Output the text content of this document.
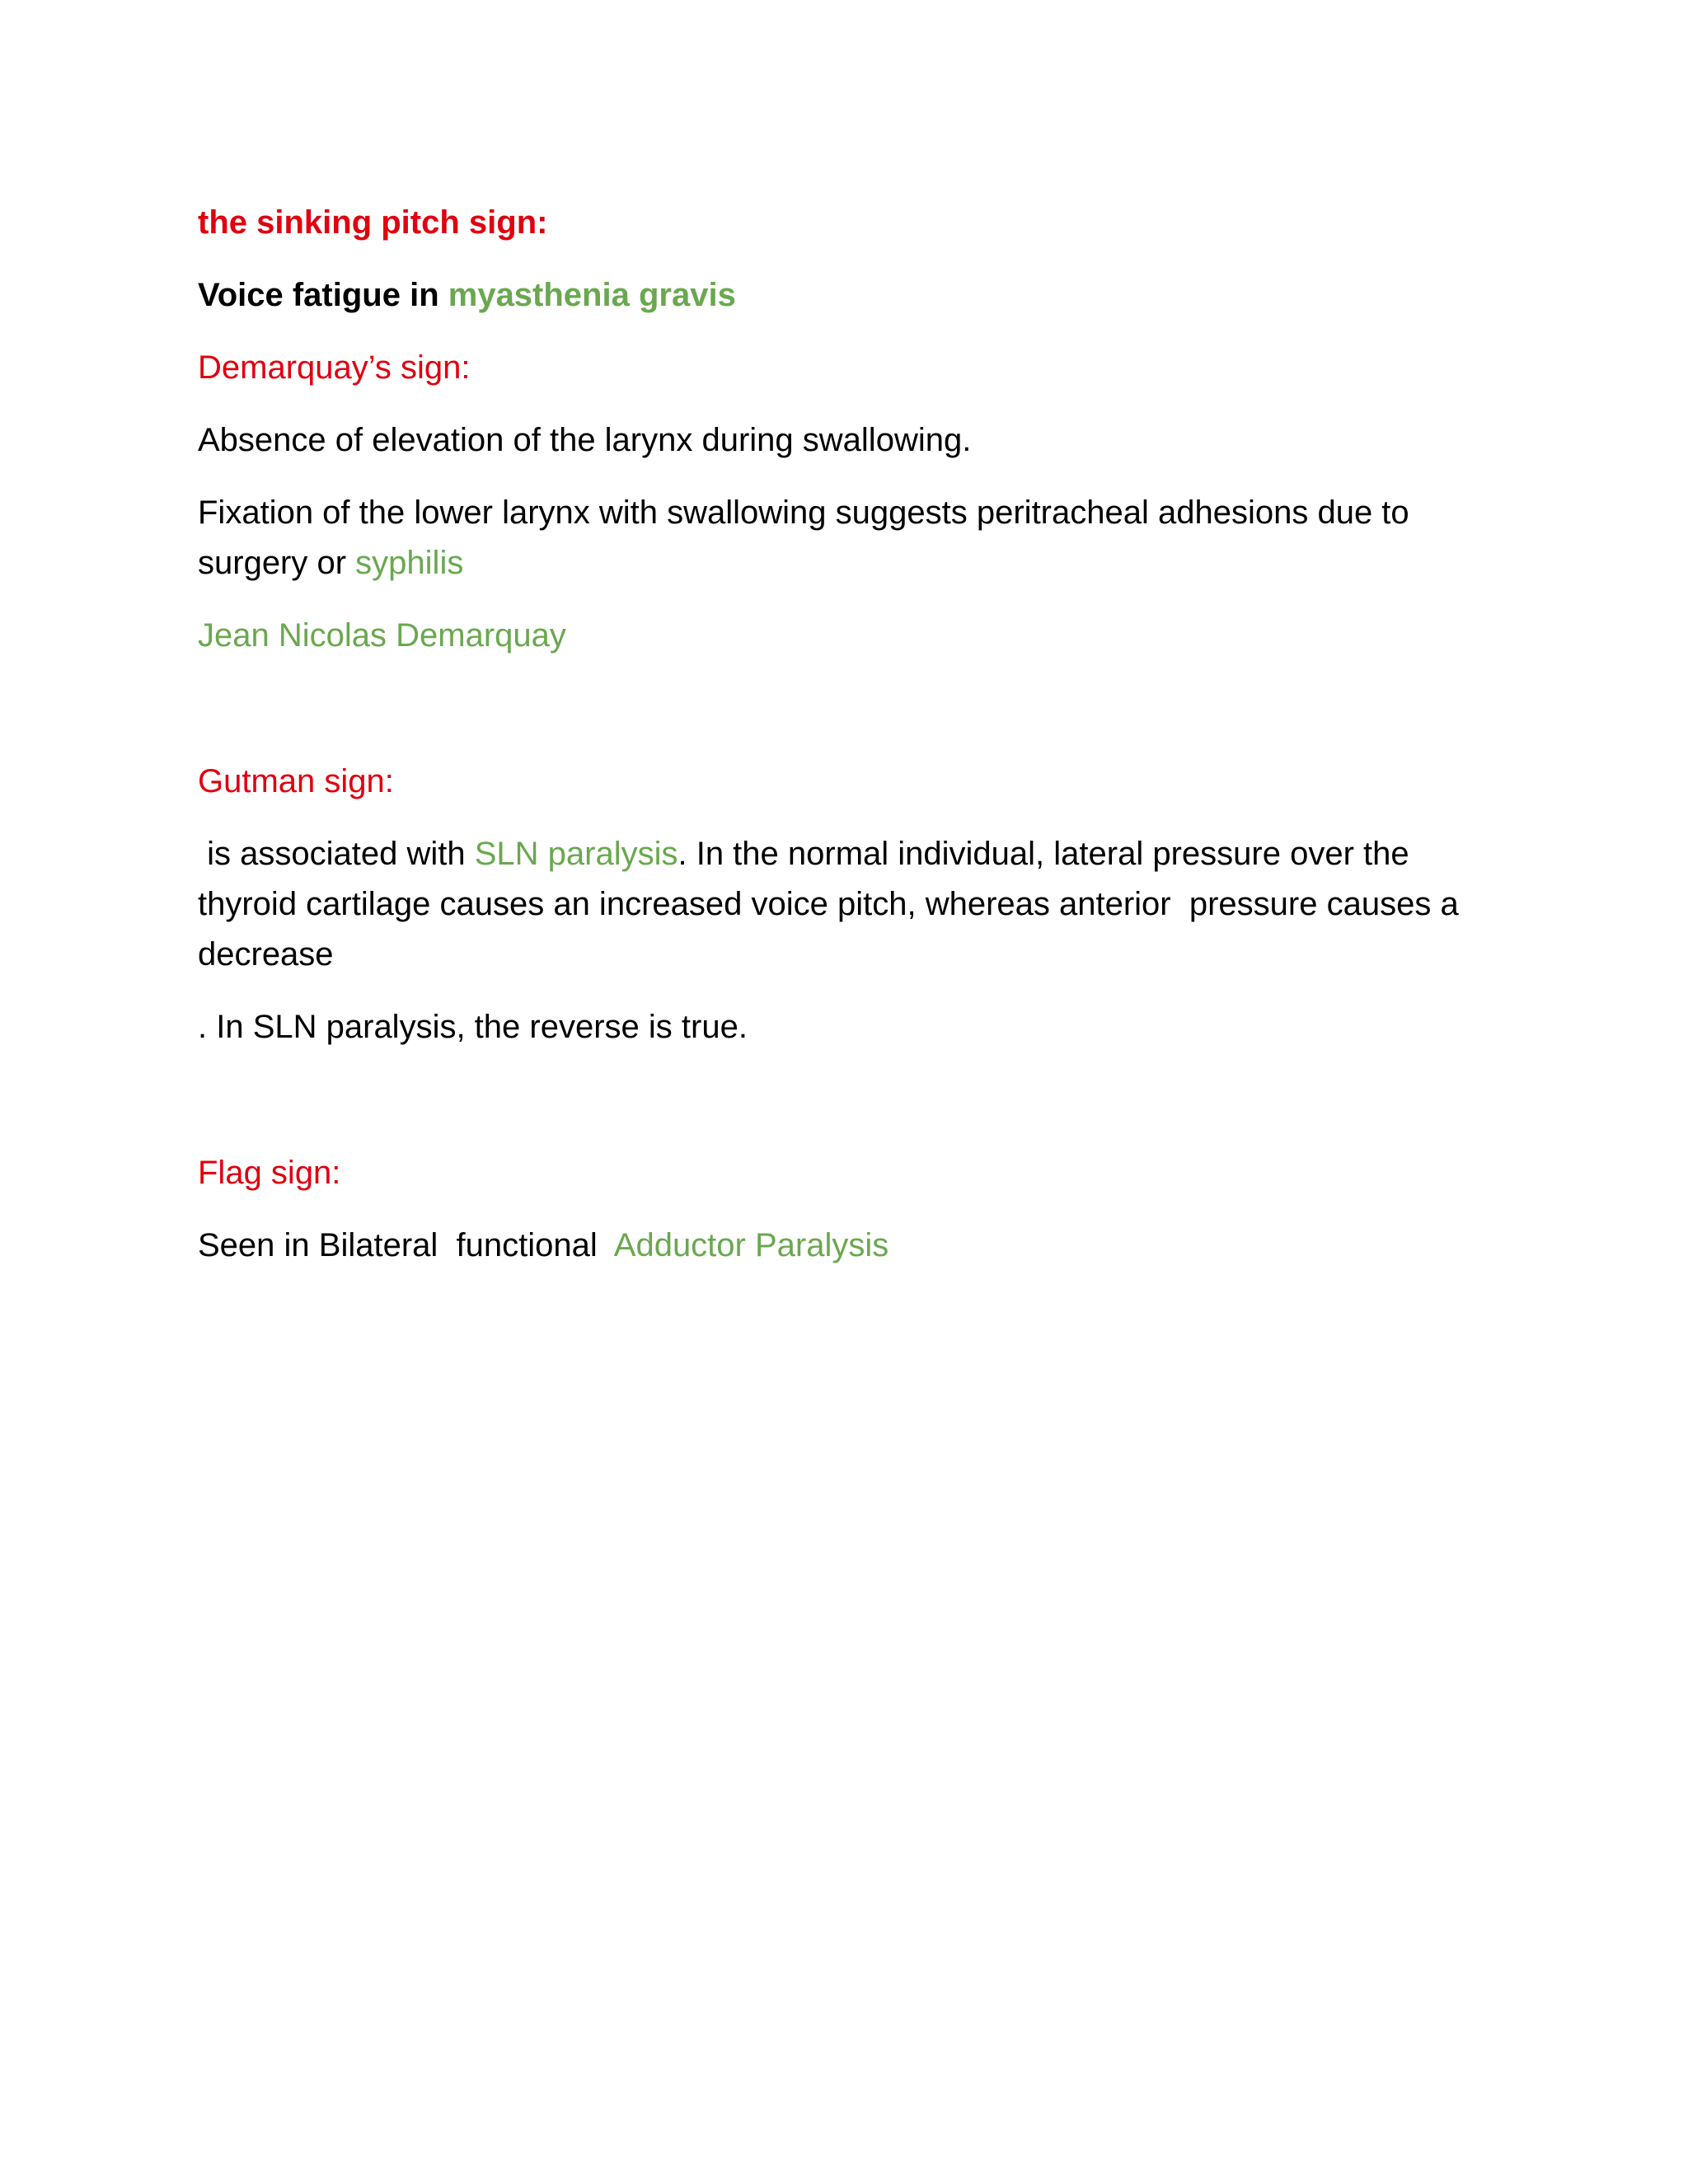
the sinking pitch sign:

Voice fatigue in myasthenia gravis

Demarquay’s sign:

Absence of elevation of the larynx during swallowing.

Fixation of the lower larynx with swallowing suggests peritracheal adhesions due to surgery or syphilis

Jean Nicolas Demarquay

Gutman sign:

is associated with SLN paralysis. In the normal individual, lateral pressure over the thyroid cartilage causes an increased voice pitch, whereas anterior  pressure causes a decrease

. In SLN paralysis, the reverse is true.

Flag sign:

Seen in Bilateral  functional  Adductor Paralysis
